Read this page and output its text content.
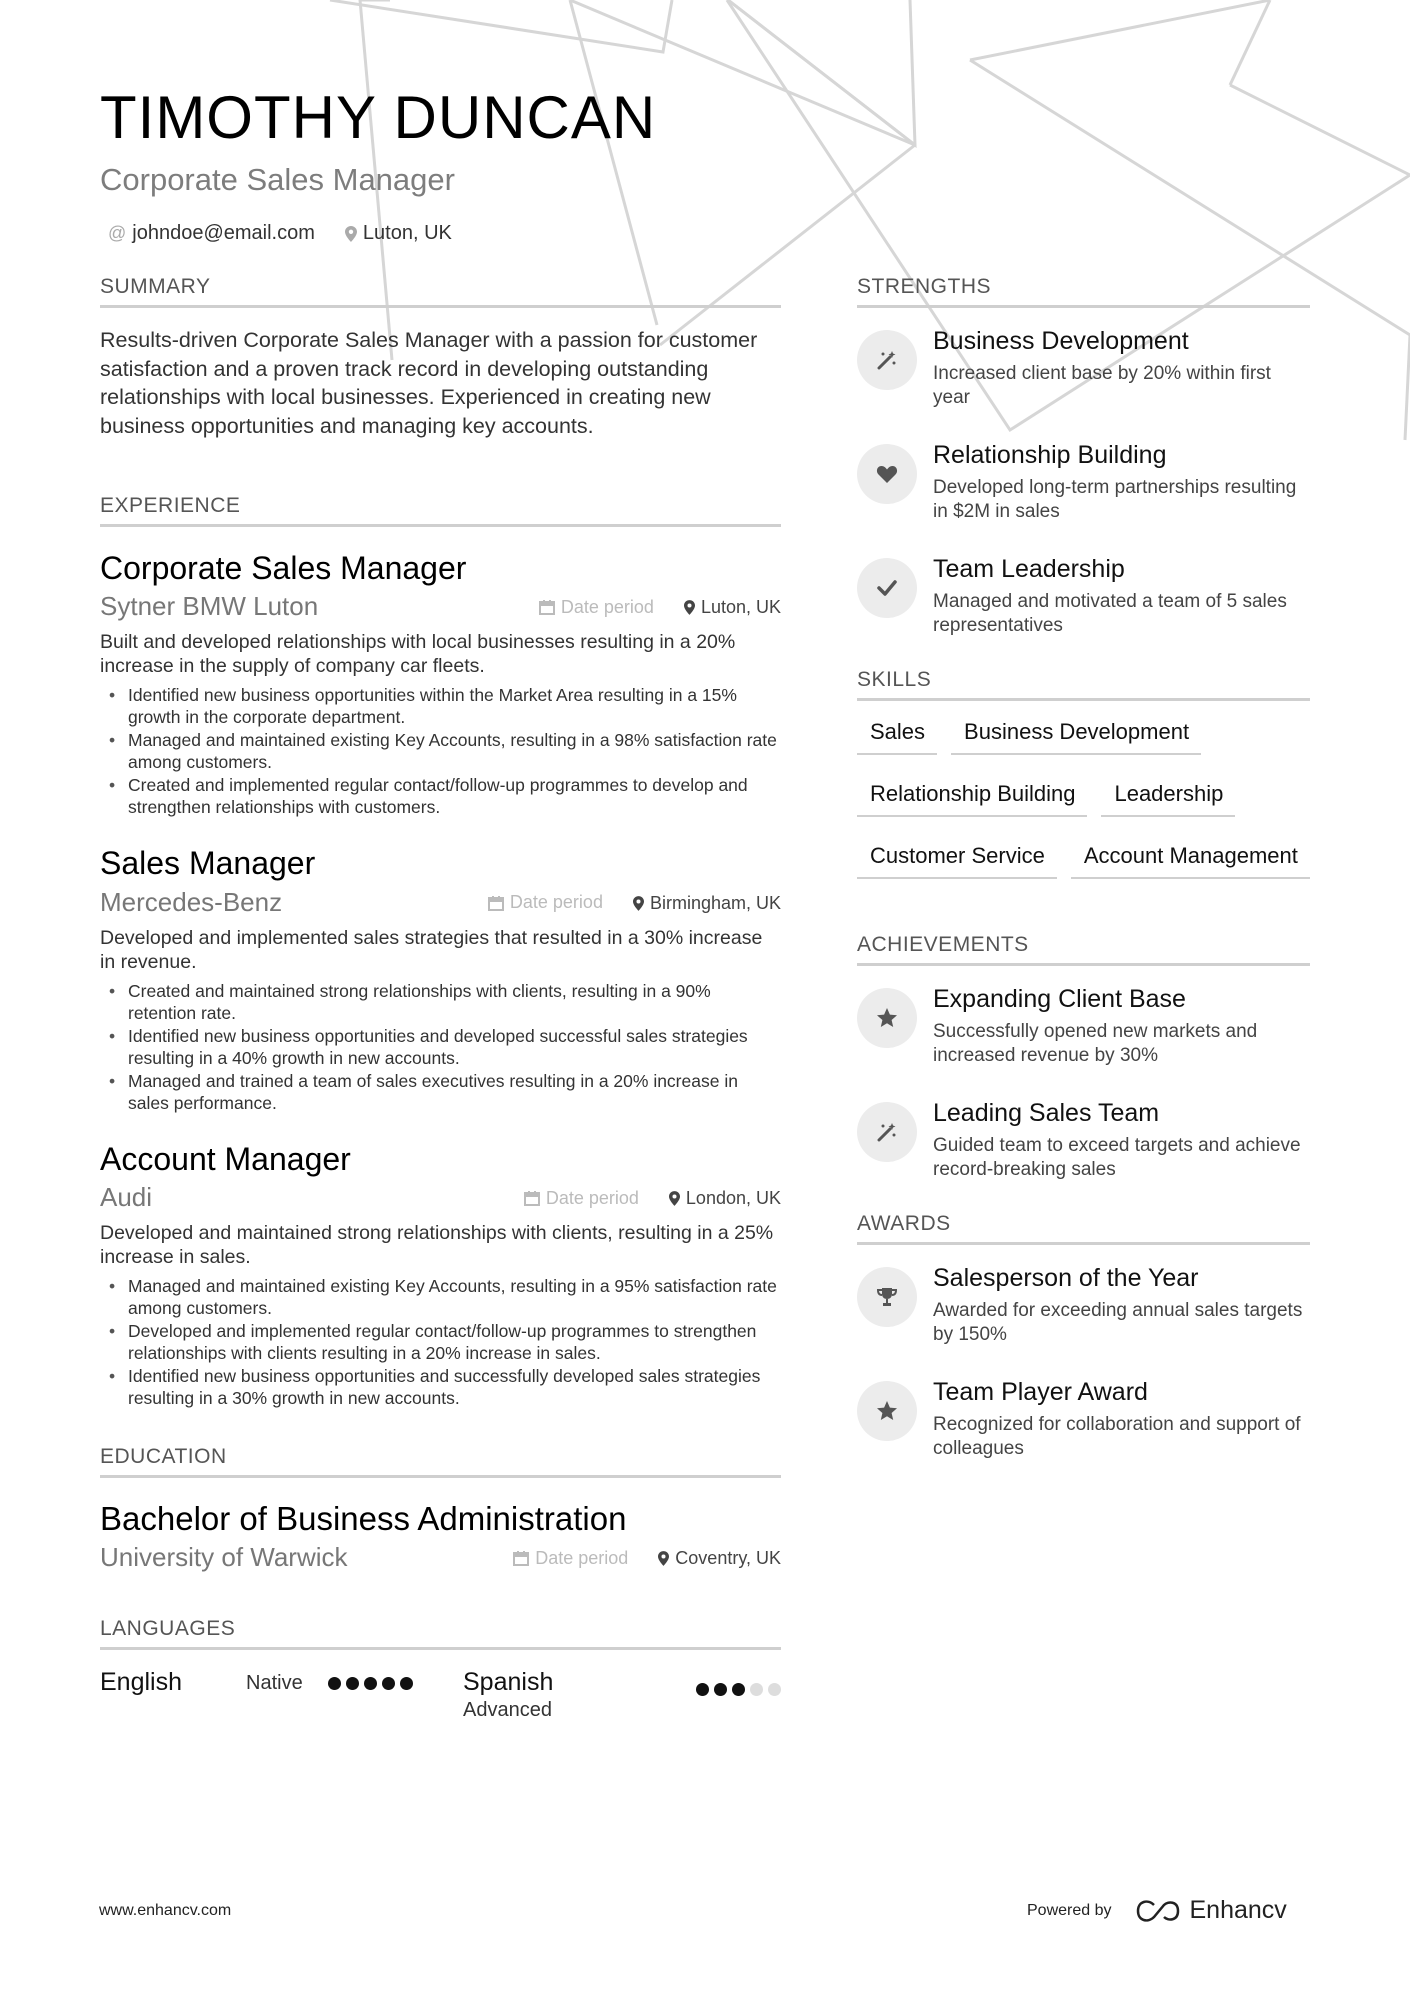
TIMOTHY DUNCAN
Corporate Sales Manager
@ johndoe@email.com Luton, UK
SUMMARY

Results-driven Corporate Sales Manager with a passion for customer satisfaction and a proven track record in developing outstanding relationships with local businesses. Experienced in creating new business opportunities and managing key accounts.

EXPERIENCE
Corporate Sales Manager
Sytner BMW Luton	Date period	Luton, UK
Built and developed relationships with local businesses resulting in a 20% increase in the supply of company car fleets.
• Identified new business opportunities within the Market Area resulting in a 15% growth in the corporate department.
• Managed and maintained existing Key Accounts, resulting in a 98% satisfaction rate among customers.
• Created and implemented regular contact/follow-up programmes to develop and strengthen relationships with customers.
Sales Manager
Mercedes-Benz	Date period	Birmingham, UK
Developed and implemented sales strategies that resulted in a 30% increase in revenue.
• Created and maintained strong relationships with clients, resulting in a 90% retention rate.
• Identified new business opportunities and developed successful sales strategies resulting in a 40% growth in new accounts.
• Managed and trained a team of sales executives resulting in a 20% increase in sales performance.
Account Manager
Audi	Date period	London, UK
Developed and maintained strong relationships with clients, resulting in a 25% increase in sales.
• Managed and maintained existing Key Accounts, resulting in a 95% satisfaction rate among customers.
• Developed and implemented regular contact/follow-up programmes to strengthen relationships with clients resulting in a 20% increase in sales.
• Identified new business opportunities and successfully developed sales strategies resulting in a 30% growth in new accounts.
EDUCATION
Bachelor of Business Administration
University of Warwick	Date period	Coventry, UK
LANGUAGES
English	Native	Spanish
Advanced
STRENGTHS
Business Development
Increased client base by 20% within first year
Relationship Building
Developed long-term partnerships resulting in $2M in sales
Team Leadership
Managed and motivated a team of 5 sales representatives
SKILLS
Sales	Business Development
Relationship Building	Leadership
Customer Service	Account Management
ACHIEVEMENTS
Expanding Client Base
Successfully opened new markets and increased revenue by 30%
Leading Sales Team
Guided team to exceed targets and achieve record-breaking sales
AWARDS
Salesperson of the Year
Awarded for exceeding annual sales targets by 150%
Team Player Award
Recognized for collaboration and support of colleagues
www.enhancv.com	Powered by	Enhancv
